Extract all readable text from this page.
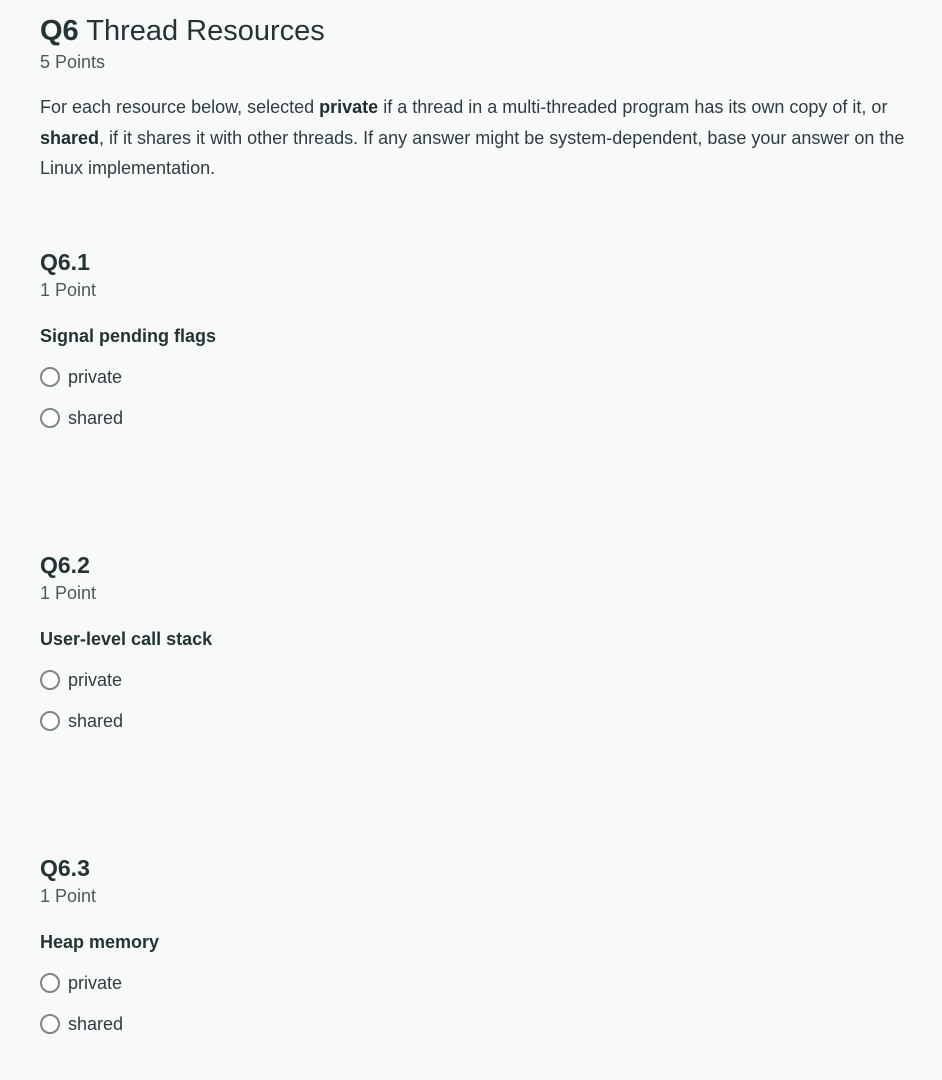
Q6 Thread Resources
5 Points

For each resource below, selected private if a thread in a multi-threaded program has its own copy of it, or shared, if it shares it with other threads. If any answer might be system-dependent, base your answer on the Linux implementation.

Q6.1
1 Point
Signal pending flags
private
shared
Q6.2
1 Point
User-level call stack
private
shared
Q6.3
1 Point
Heap memory
private
shared
